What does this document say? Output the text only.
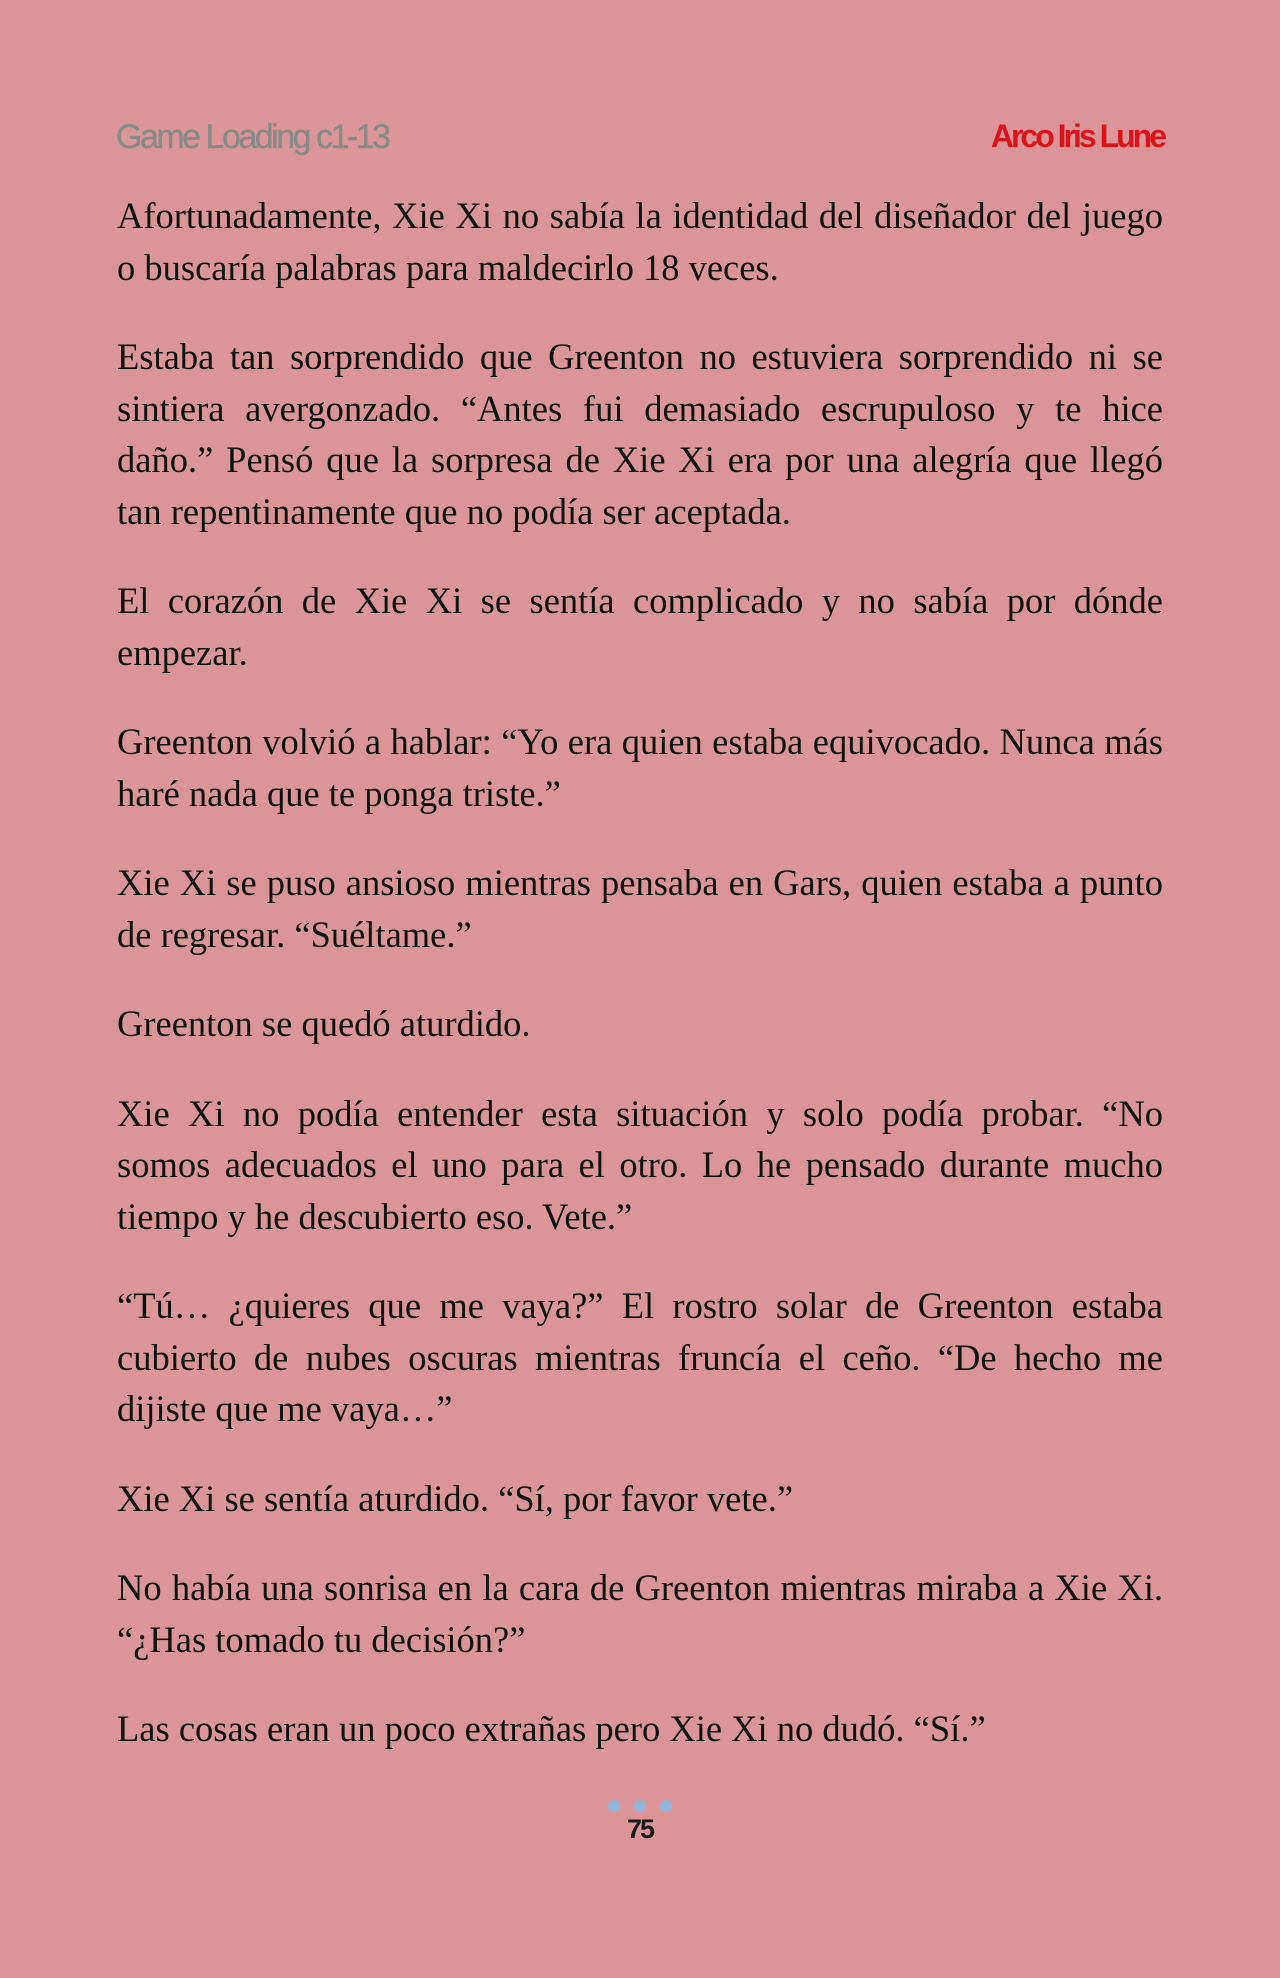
Game Loading c1-13	Arco Iris Lune

Afortunadamente, Xie Xi no sabía la identidad del diseñador del juego o buscaría palabras para maldecirlo 18 veces.

Estaba tan sorprendido que Greenton no estuviera sorprendido ni se sintiera avergonzado. “Antes fui demasiado escrupuloso y te hice daño.” Pensó que la sorpresa de Xie Xi era por una alegría que llegó tan repentinamente que no podía ser aceptada.

El corazón de Xie Xi se sentía complicado y no sabía por dónde empezar.

Greenton volvió a hablar: “Yo era quien estaba equivocado. Nunca más haré nada que te ponga triste.”

Xie Xi se puso ansioso mientras pensaba en Gars, quien estaba a punto de regresar. “Suéltame.”

Greenton se quedó aturdido.

Xie Xi no podía entender esta situación y solo podía probar. “No somos adecuados el uno para el otro. Lo he pensado durante mucho tiempo y he descubierto eso. Vete.”

“Tú… ¿quieres que me vaya?” El rostro solar de Greenton estaba cubierto de nubes oscuras mientras fruncía el ceño. “De hecho me dijiste que me vaya…”

Xie Xi se sentía aturdido. “Sí, por favor vete.”

No había una sonrisa en la cara de Greenton mientras miraba a Xie Xi. “¿Has tomado tu decisión?”

Las cosas eran un poco extrañas pero Xie Xi no dudó. “Sí.”

75
